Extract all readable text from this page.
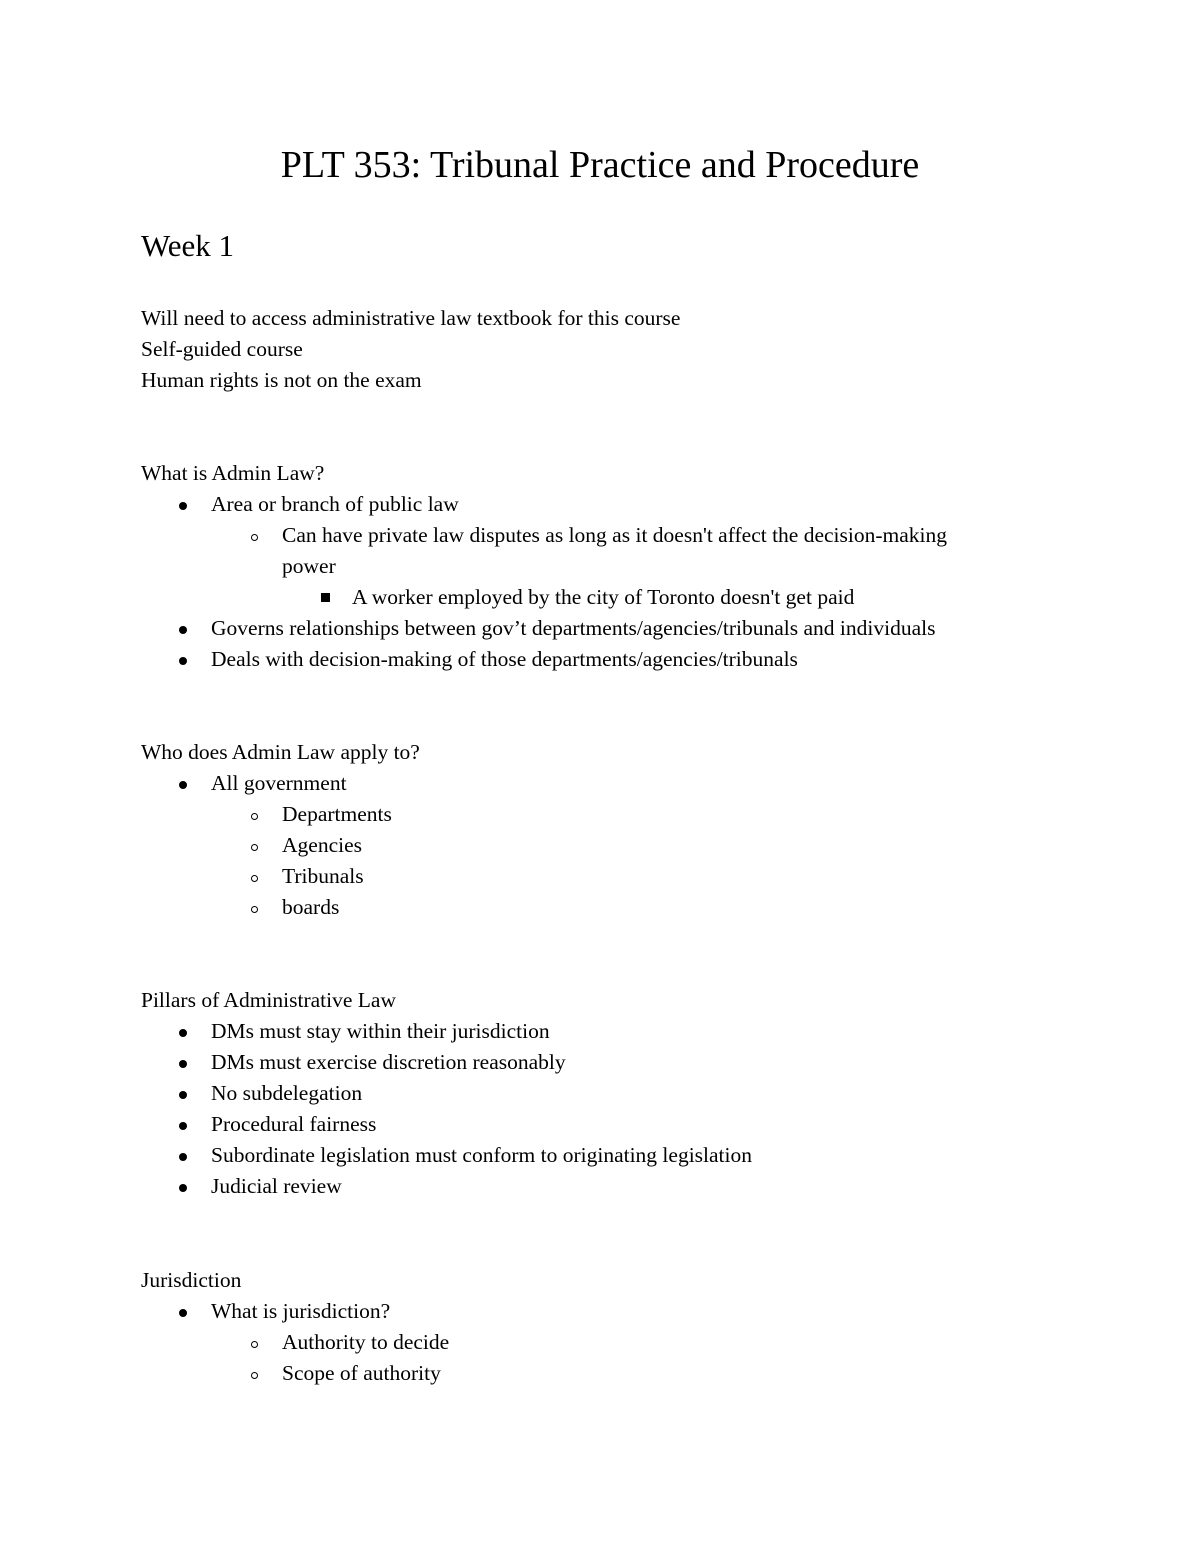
PLT 353: Tribunal Practice and Procedure
Week 1
Will need to access administrative law textbook for this course
Self-guided course
Human rights is not on the exam
What is Admin Law?
Area or branch of public law
Can have private law disputes as long as it doesn't affect the decision-making
power
A worker employed by the city of Toronto doesn't get paid
Governs relationships between gov’t departments/agencies/tribunals and individuals
Deals with decision-making of those departments/agencies/tribunals
Who does Admin Law apply to?
All government
Departments
Agencies
Tribunals
boards
Pillars of Administrative Law
DMs must stay within their jurisdiction
DMs must exercise discretion reasonably
No subdelegation
Procedural fairness
Subordinate legislation must conform to originating legislation
Judicial review
Jurisdiction
What is jurisdiction?
Authority to decide
Scope of authority
